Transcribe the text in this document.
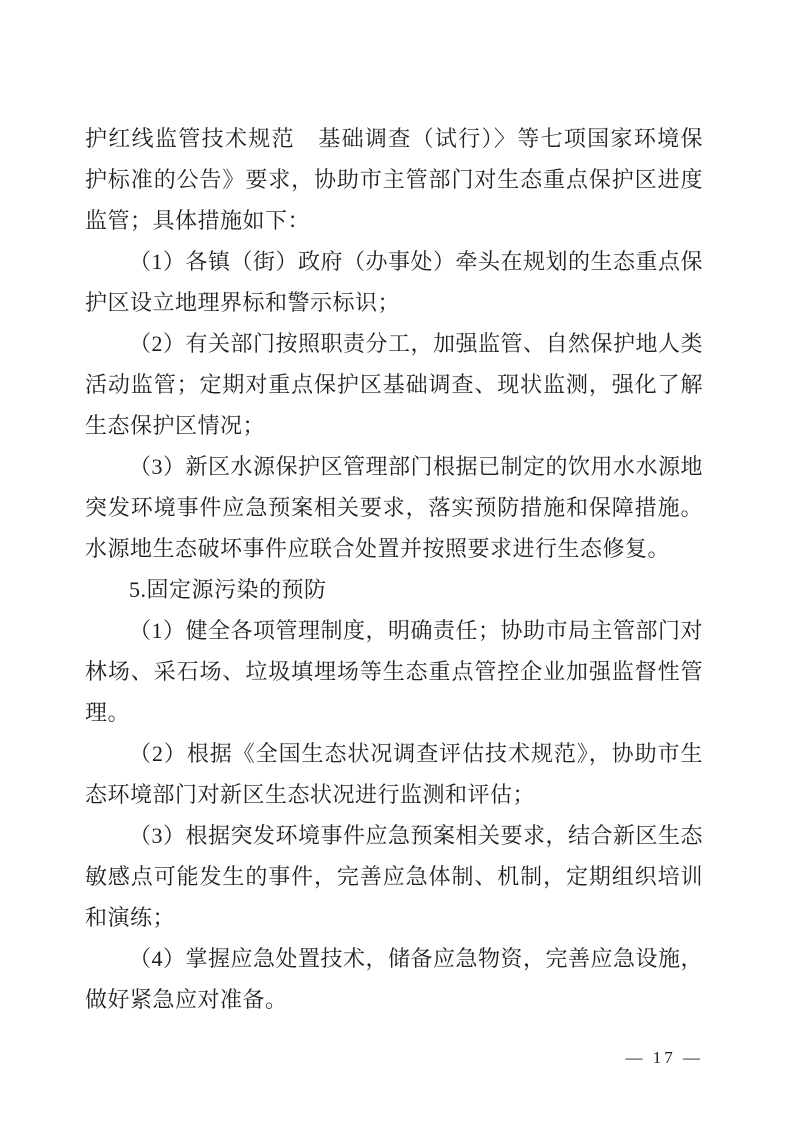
护红线监管技术规范　基础调查（试行）〉等七项国家环境保护标准的公告》要求，协助市主管部门对生态重点保护区进度监管；具体措施如下：

（1）各镇（街）政府（办事处）牵头在规划的生态重点保护区设立地理界标和警示标识；

（2）有关部门按照职责分工，加强监管、自然保护地人类活动监管；定期对重点保护区基础调查、现状监测，强化了解生态保护区情况；

（3）新区水源保护区管理部门根据已制定的饮用水水源地突发环境事件应急预案相关要求，落实预防措施和保障措施。水源地生态破坏事件应联合处置并按照要求进行生态修复。

5.固定源污染的预防

（1）健全各项管理制度，明确责任；协助市局主管部门对林场、采石场、垃圾填埋场等生态重点管控企业加强监督性管理。

（2）根据《全国生态状况调查评估技术规范》，协助市生态环境部门对新区生态状况进行监测和评估；

（3）根据突发环境事件应急预案相关要求，结合新区生态敏感点可能发生的事件，完善应急体制、机制，定期组织培训和演练；

（4）掌握应急处置技术，储备应急物资，完善应急设施，做好紧急应对准备。

— 17 —
